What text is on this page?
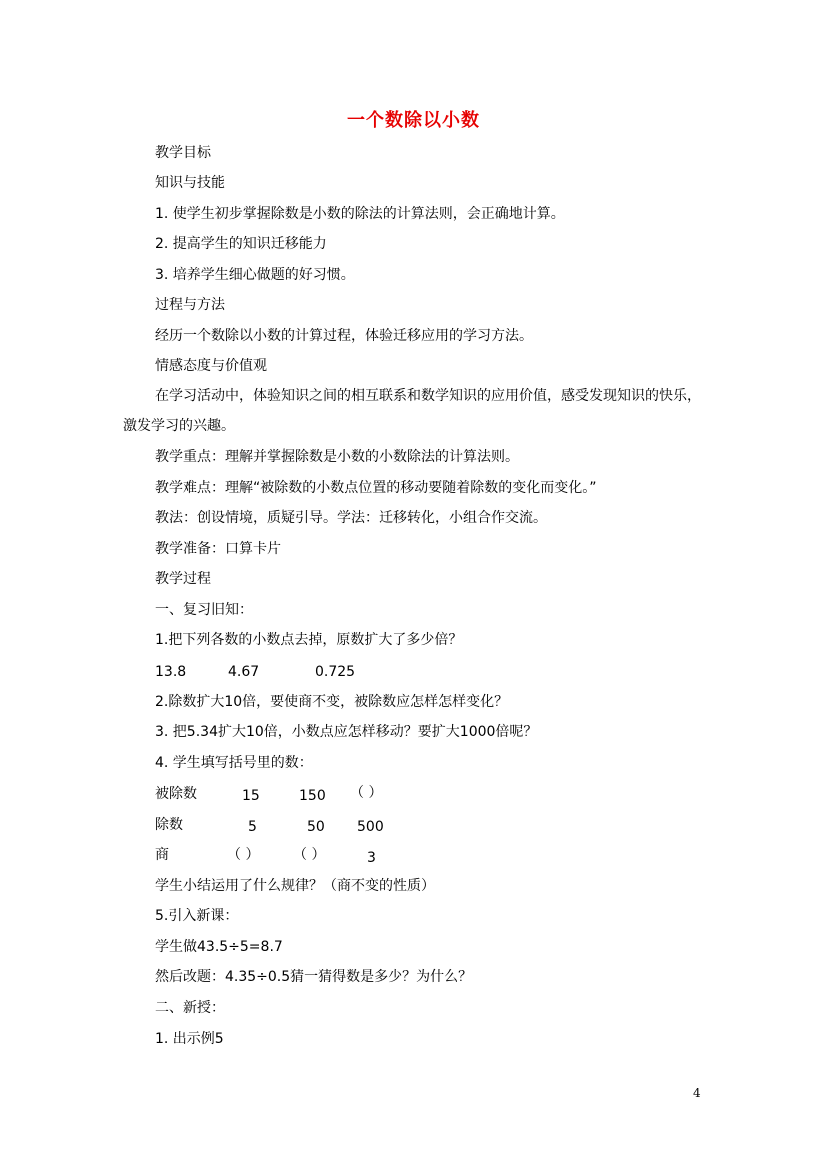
一个数除以小数
教学目标
知识与技能
1. 使学生初步掌握除数是小数的除法的计算法则，会正确地计算。
2. 提高学生的知识迁移能力
3. 培养学生细心做题的好习惯。
过程与方法
经历一个数除以小数的计算过程，体验迁移应用的学习方法。
情感态度与价值观
在学习活动中，体验知识之间的相互联系和数学知识的应用价值，感受发现知识的快乐，
激发学习的兴趣。
教学重点：理解并掌握除数是小数的小数除法的计算法则。
教学难点：理解“被除数的小数点位置的移动要随着除数的变化而变化。”
教法：创设情境，质疑引导。学法：迁移转化，小组合作交流。
教学准备：口算卡片
教学过程
一、复习旧知：
1.把下列各数的小数点去掉，原数扩大了多少倍？
13.8	4.67	0.725
2.除数扩大10倍，要使商不变，被除数应怎样怎样变化？
3. 把5.34扩大10倍，小数点应怎样移动？要扩大1000倍呢？
4. 学生填写括号里的数：
被除数	15	150 （ ）
除数	5	50 500
商	（ ） （ ）	3
学生小结运用了什么规律？（商不变的性质）
5.引入新课：
学生做43.5÷5=8.7
然后改题：4.35÷0.5猜一猜得数是多少？为什么？
二、新授：
1. 出示例5
4
